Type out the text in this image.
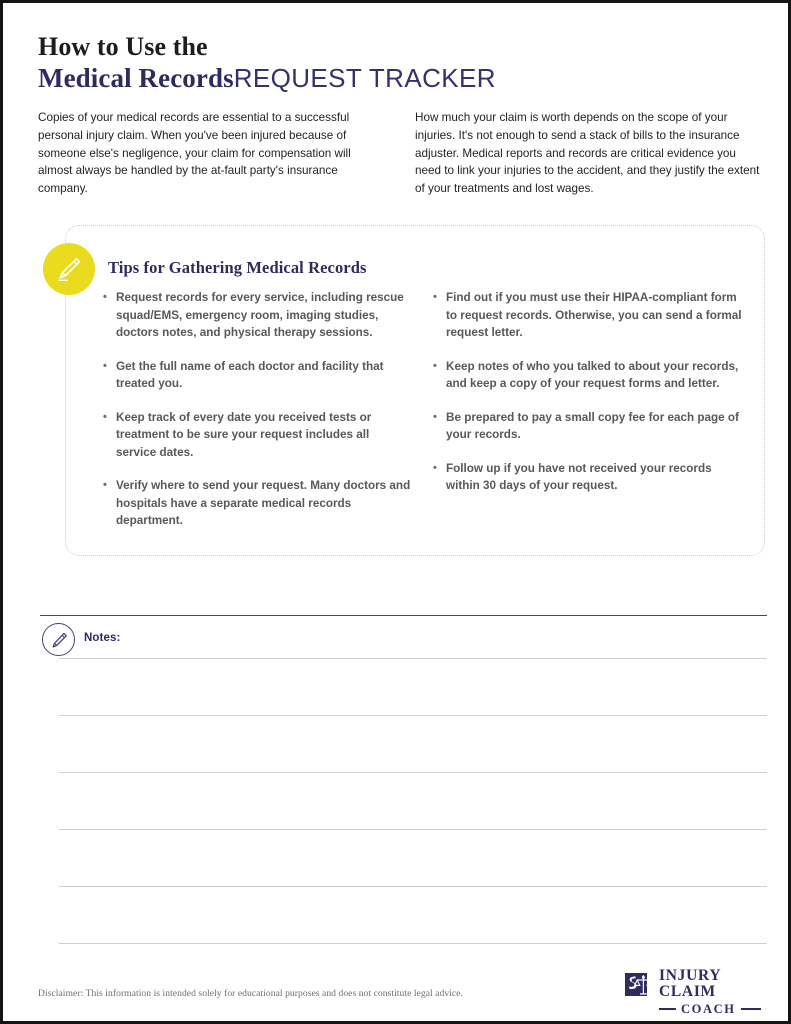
How to Use the
Medical RecordsREQUEST TRACKER
Copies of your medical records are essential to a successful personal injury claim. When you've been injured because of someone else's negligence, your claim for compensation will almost always be handled by the at-fault party's insurance company.
How much your claim is worth depends on the scope of your injuries. It's not enough to send a stack of bills to the insurance adjuster. Medical reports and records are critical evidence you need to link your injuries to the accident, and they justify the extent of your treatments and lost wages.
• Request records for every service, including rescue squad/EMS, emergency room, imaging studies, doctors notes, and physical therapy sessions.
• Get the full name of each doctor and facility that treated you.
• Keep track of every date you received tests or treatment to be sure your request includes all service dates.
• Verify where to send your request. Many doctors and hospitals have a separate medical records department.
• Find out if you must use their HIPAA-compliant form to request records. Otherwise, you can send a formal request letter.
• Keep notes of who you talked to about your records, and keep a copy of your request forms and letter.
• Be prepared to pay a small copy fee for each page of your records.
• Follow up if you have not received your records within 30 days of your request.
Tips for Gathering Medical Records
Notes:
Disclaimer: This information is intended solely for educational purposes and does not constitute legal advice.
INJURY CLAIM
COACH
